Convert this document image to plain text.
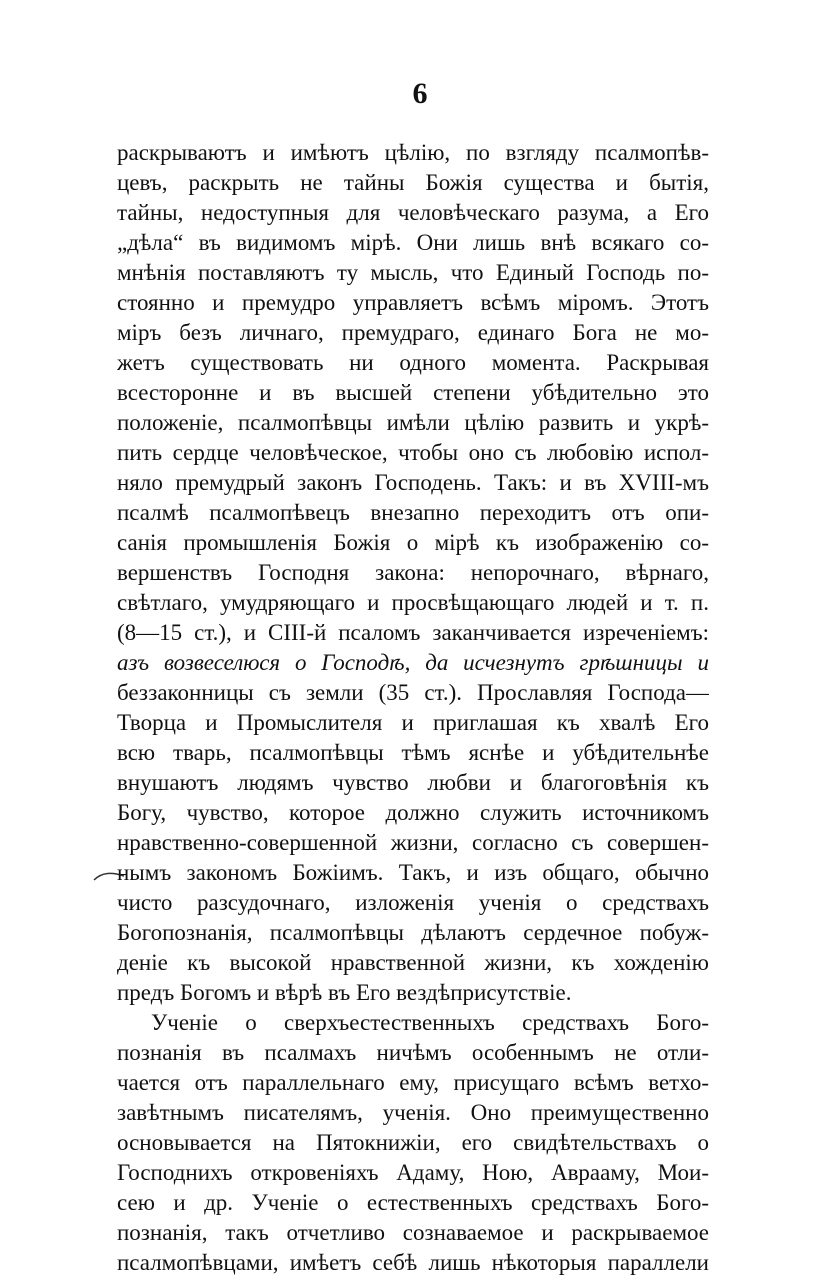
6
раскрываютъ и имѣютъ цѣлію, по взгляду псалмопѣв-
цевъ, раскрыть не тайны Божія существа и бытія,
тайны, недоступныя для человѣческаго разума, а Его
„дѣла“ въ видимомъ мірѣ. Они лишь внѣ всякаго со-
мнѣнія поставляютъ ту мысль, что Единый Господь по-
стоянно и премудро управляетъ всѣмъ міромъ. Этотъ
міръ безъ личнаго, премудраго, единаго Бога не мо-
жетъ существовать ни одного момента. Раскрывая
всесторонне и въ высшей степени убѣдительно это
положеніе, псалмопѣвцы имѣли цѣлію развить и укрѣ-
пить сердце человѣческое, чтобы оно съ любовію испол-
няло премудрый законъ Господень. Такъ: и въ XVIII-мъ
псалмѣ псалмопѣвецъ внезапно переходитъ отъ опи-
санія промышленія Божія о мірѣ къ изображенію со-
вершенствъ Господня закона: непорочнаго, вѣрнаго,
свѣтлаго, умудряющаго и просвѣщающаго людей и т. п.
(8—15 ст.), и CIII-й псаломъ заканчивается изреченіемъ:
азъ возвеселюся о Господѣ, да исчезнутъ грѣшницы и
беззаконницы съ земли (35 ст.). Прославляя Господа—
Творца и Промыслителя и приглашая къ хвалѣ Его
всю тварь, псалмопѣвцы тѣмъ яснѣе и убѣдительнѣе
внушаютъ людямъ чувство любви и благоговѣнія къ
Богу, чувство, которое должно служить источникомъ
нравственно-совершенной жизни, согласно съ совершен-
нымъ закономъ Божіимъ. Такъ, и изъ общаго, обычно
чисто разсудочнаго, изложенія ученія о средствахъ
Богопознанія, псалмопѣвцы дѣлаютъ сердечное побуж-
деніе къ высокой нравственной жизни, къ хожденію
предъ Богомъ и вѣрѣ въ Его вездѣприсутствіе.
Ученіе о сверхъестественныхъ средствахъ Бого-
познанія въ псалмахъ ничѣмъ особеннымъ не отли-
чается отъ параллельнаго ему, присущаго всѣмъ ветхо-
завѣтнымъ писателямъ, ученія. Оно преимущественно
основывается на Пятокнижіи, его свидѣтельствахъ о
Господнихъ откровеніяхъ Адаму, Ною, Аврааму, Мои-
сею и др. Ученіе о естественныхъ средствахъ Бого-
познанія, такъ отчетливо сознаваемое и раскрываемое
псалмопѣвцами, имѣетъ себѣ лишь нѣкоторыя параллели
